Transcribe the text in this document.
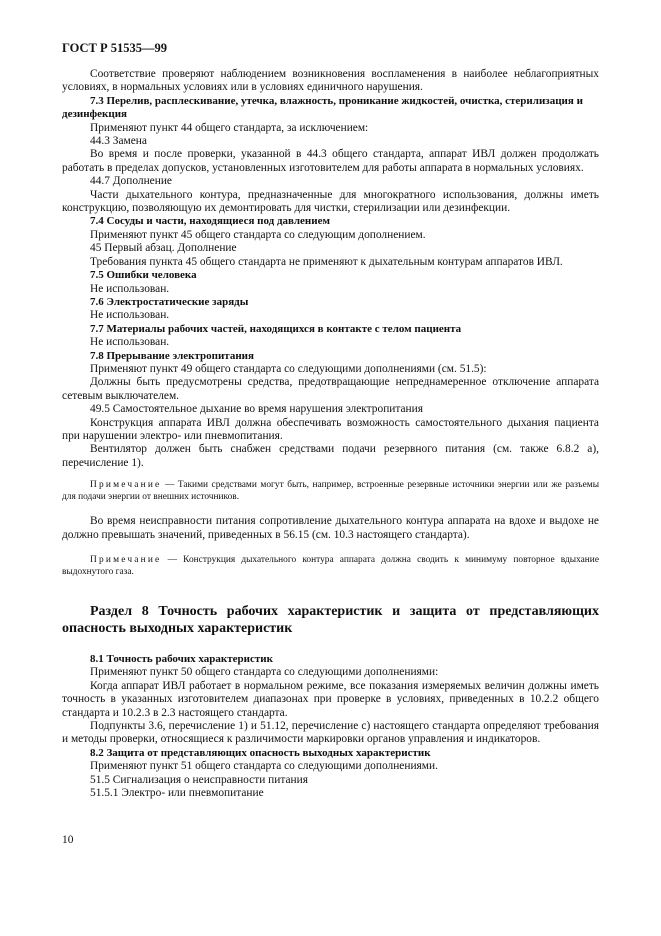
ГОСТ Р 51535—99

Соответствие проверяют наблюдением возникновения воспламенения в наиболее неблагоприятных условиях, в нормальных условиях или в условиях единичного нарушения.

7.3 Перелив, расплескивание, утечка, влажность, проникание жидкостей, очистка, стерилизация и дезинфекция

Применяют пункт 44 общего стандарта, за исключением:

44.3 Замена

Во время и после проверки, указанной в 44.3 общего стандарта, аппарат ИВЛ должен продолжать работать в пределах допусков, установленных изготовителем для работы аппарата в нормальных условиях.

44.7 Дополнение

Части дыхательного контура, предназначенные для многократного использования, должны иметь конструкцию, позволяющую их демонтировать для чистки, стерилизации или дезинфекции.

7.4 Сосуды и части, находящиеся под давлением

Применяют пункт 45 общего стандарта со следующим дополнением.

45 Первый абзац. Дополнение

Требования пункта 45 общего стандарта не применяют к дыхательным контурам аппаратов ИВЛ.

7.5 Ошибки человека

Не использован.

7.6 Электростатические заряды

Не использован.

7.7 Материалы рабочих частей, находящихся в контакте с телом пациента

Не использован.

7.8 Прерывание электропитания

Применяют пункт 49 общего стандарта со следующими дополнениями (см. 51.5):

Должны быть предусмотрены средства, предотвращающие непреднамеренное отключение аппарата сетевым выключателем.

49.5 Самостоятельное дыхание во время нарушения электропитания

Конструкция аппарата ИВЛ должна обеспечивать возможность самостоятельного дыхания пациента при нарушении электро- или пневмопитания.

Вентилятор должен быть снабжен средствами подачи резервного питания (см. также 6.8.2 а), перечисление 1).

Примечание — Такими средствами могут быть, например, встроенные резервные источники энергии или же разъемы для подачи энергии от внешних источников.

Во время неисправности питания сопротивление дыхательного контура аппарата на вдохе и выдохе не должно превышать значений, приведенных в 56.15 (см. 10.3 настоящего стандарта).

Примечание — Конструкция дыхательного контура аппарата должна сводить к минимуму повторное вдыхание выдохнутого газа.

Раздел 8 Точность рабочих характеристик и защита от представляющих опасность выходных характеристик

8.1 Точность рабочих характеристик

Применяют пункт 50 общего стандарта со следующими дополнениями:

Когда аппарат ИВЛ работает в нормальном режиме, все показания измеряемых величин должны иметь точность в указанных изготовителем диапазонах при проверке в условиях, приведенных в 10.2.2 общего стандарта и 10.2.3 в 2.3 настоящего стандарта.

Подпункты 3.6, перечисление 1) и 51.12, перечисление с) настоящего стандарта определяют требования и методы проверки, относящиеся к различимости маркировки органов управления и индикаторов.

8.2 Защита от представляющих опасность выходных характеристик

Применяют пункт 51 общего стандарта со следующими дополнениями.

51.5 Сигнализация о неисправности питания

51.5.1 Электро- или пневмопитание

10
